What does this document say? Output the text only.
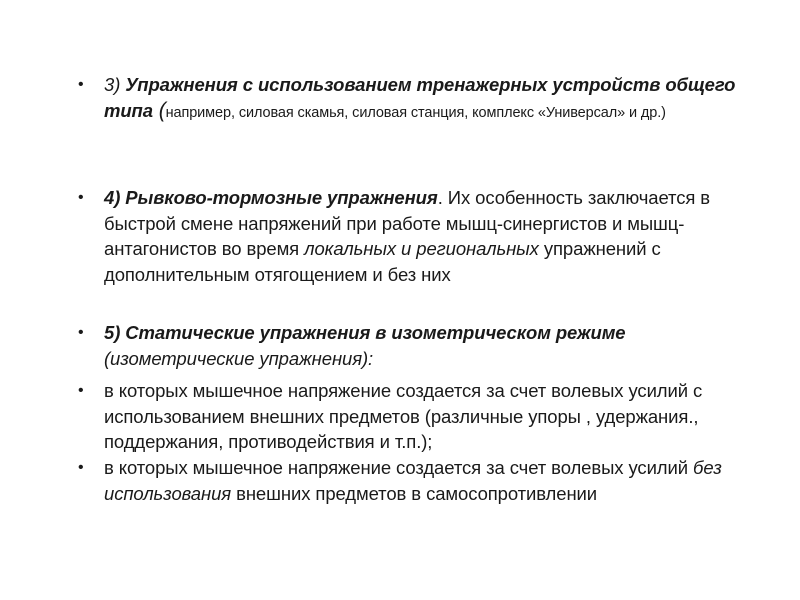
• 3) Упражнения с использованием тренажерных устройств общего типа (например, силовая скамья, силовая станция, комплекс «Универсал» и др.)
• 4) Рывково-тормозные упражнения. Их особенность заключается в быстрой смене напряжений при работе мышц-синергистов и мышц-антагонистов во время локальных и региональных упражнений с дополнительным отягощением и без них
• 5) Статические упражнения в изометрическом режиме (изометрические упражнения):
• в которых мышечное напряжение создается за счет волевых усилий с использованием внешних предметов (различные упоры , удержания., поддержания, противодействия и т.п.);
• в которых мышечное напряжение создается за счет волевых усилий без использования внешних предметов в самосопротивлении
